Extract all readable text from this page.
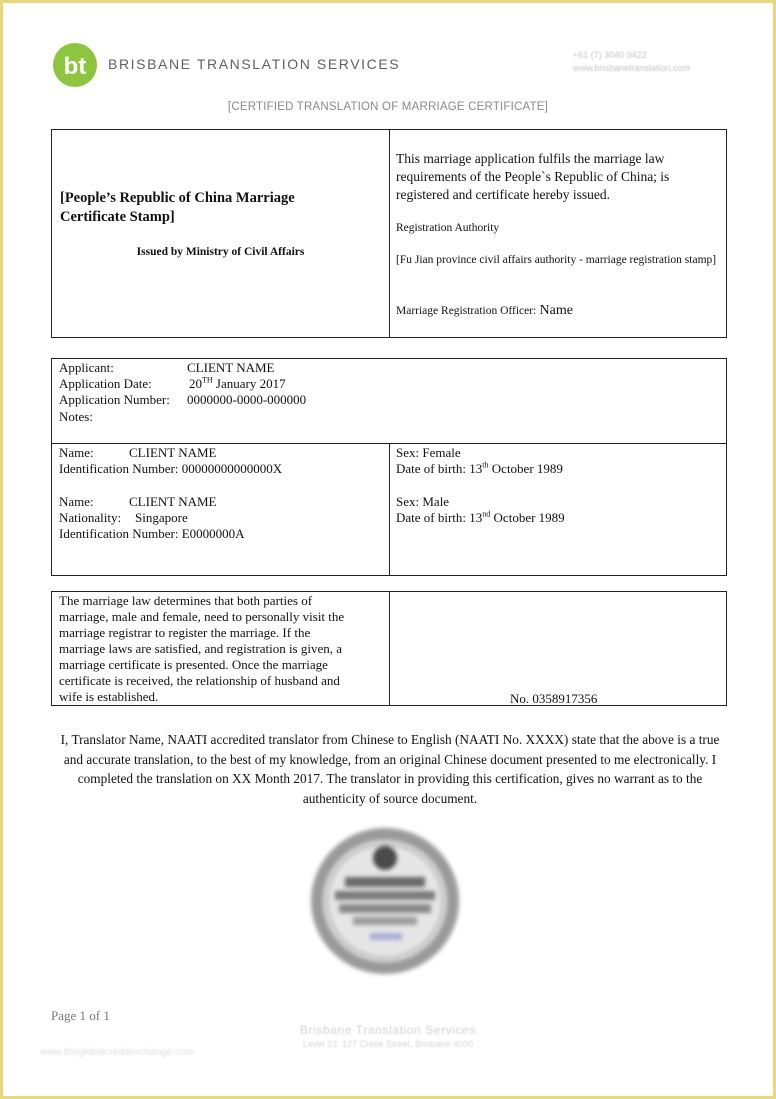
bt BRISBANE TRANSLATION SERVICES
+61 (7) 3040 9422
www.brisbanetranslation.com
[CERTIFIED TRANSLATION OF MARRIAGE CERTIFICATE]
[People’s Republic of China Marriage
Certificate Stamp]
Issued by Ministry of Civil Affairs
This marriage application fulfils the marriage law requirements of the People`s Republic of China; is registered and certificate hereby issued.
Registration Authority
[Fu Jian province civil affairs authority - marriage registration stamp]
Marriage Registration Officer: Name
Applicant:	CLIENT NAME
Application Date:	20TH January 2017
Application Number: 0000000-0000-000000
Notes:
Name:	CLIENT NAME
Identification Number: 00000000000000X
Sex: Female
Date of birth: 13th October 1989
Name:	CLIENT NAME
Nationality: Singapore
Identification Number: E0000000A
Sex: Male
Date of birth: 13nd October 1989
The marriage law determines that both parties of
marriage, male and female, need to personally visit the
marriage registrar to register the marriage. If the
marriage laws are satisfied, and registration is given, a
marriage certificate is presented. Once the marriage
certificate is received, the relationship of husband and
wife is established.	No. 0358917356
I, Translator Name, NAATI accredited translator from Chinese to English (NAATI No. XXXX) state that the above is a true and accurate translation, to the best of my knowledge, from an original Chinese document presented to me electronically. I completed the translation on XX Month 2017. The translator in providing this certification, gives no warrant as to the authenticity of source document.
Page 1 of 1
Brisbane Translation Services
Level 23, 127 Creek Street, Brisbane 4000
www.theglobalcreditexchange.com
